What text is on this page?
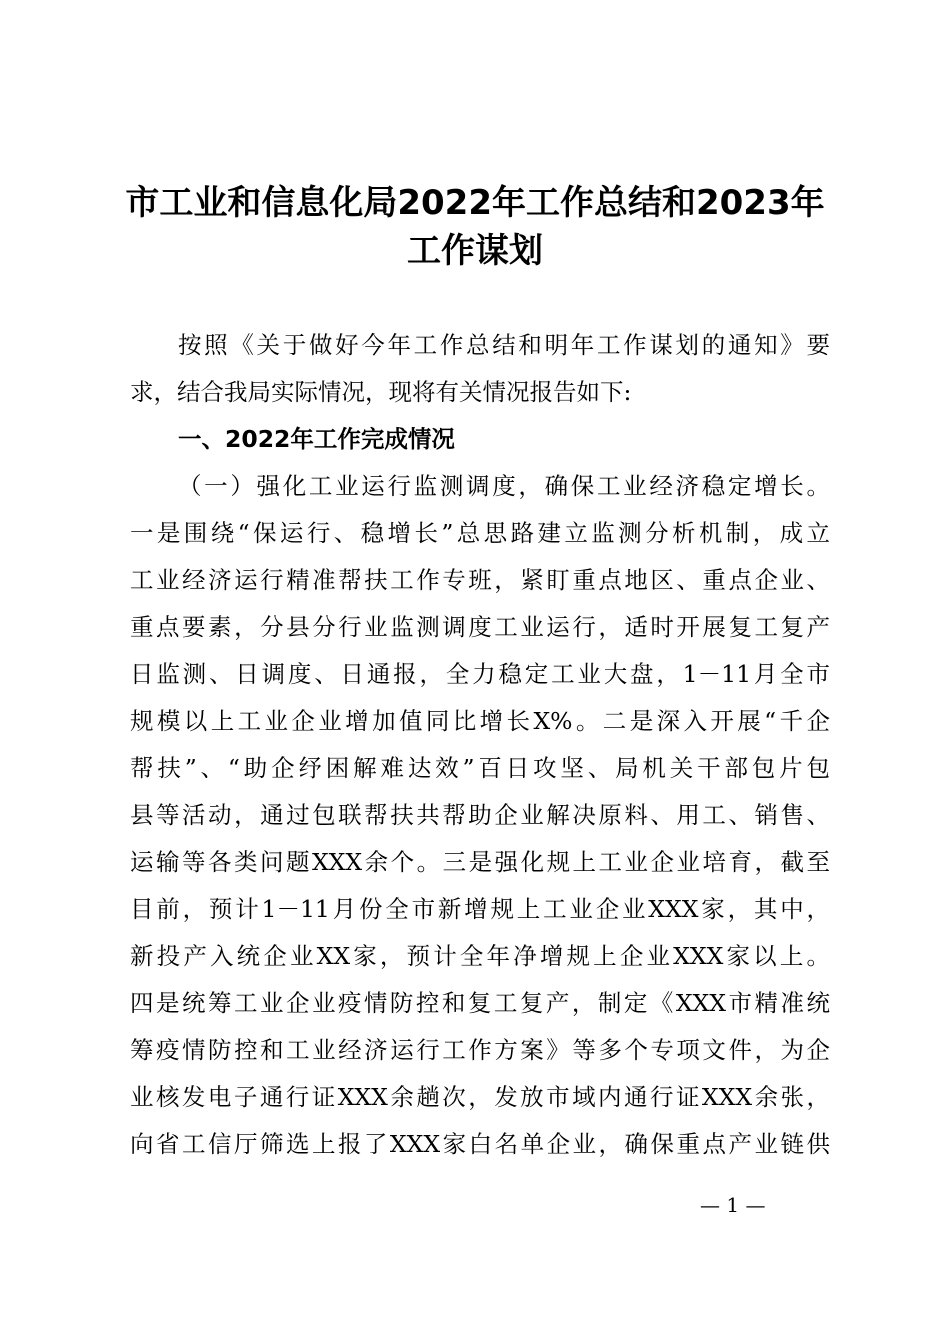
市工业和信息化局2022年工作总结和2023年
工作谋划
按照《关于做好今年工作总结和明年工作谋划的通知》要
求，结合我局实际情况，现将有关情况报告如下:
一、2022年工作完成情况
（一）强化工业运行监测调度，确保工业经济稳定增长。
一是围绕“保运行、稳增长”总思路建立监测分析机制，成立
工业经济运行精准帮扶工作专班，紧盯重点地区、重点企业、
重点要素，分县分行业监测调度工业运行，适时开展复工复产
日监测、日调度、日通报，全力稳定工业大盘，1－11月全市
规模以上工业企业增加值同比增长X%。二是深入开展“千企
帮扶”、“助企纾困解难达效”百日攻坚、局机关干部包片包
县等活动，通过包联帮扶共帮助企业解决原料、用工、销售、
运输等各类问题XXX余个。三是强化规上工业企业培育，截至
目前，预计1－11月份全市新增规上工业企业XXX家，其中，
新投产入统企业XX家，预计全年净增规上企业XXX家以上。
四是统筹工业企业疫情防控和复工复产，制定《XXX市精准统
筹疫情防控和工业经济运行工作方案》等多个专项文件，为企
业核发电子通行证XXX余趟次，发放市域内通行证XXX余张，
向省工信厅筛选上报了XXX家白名单企业，确保重点产业链供
— 1 —
